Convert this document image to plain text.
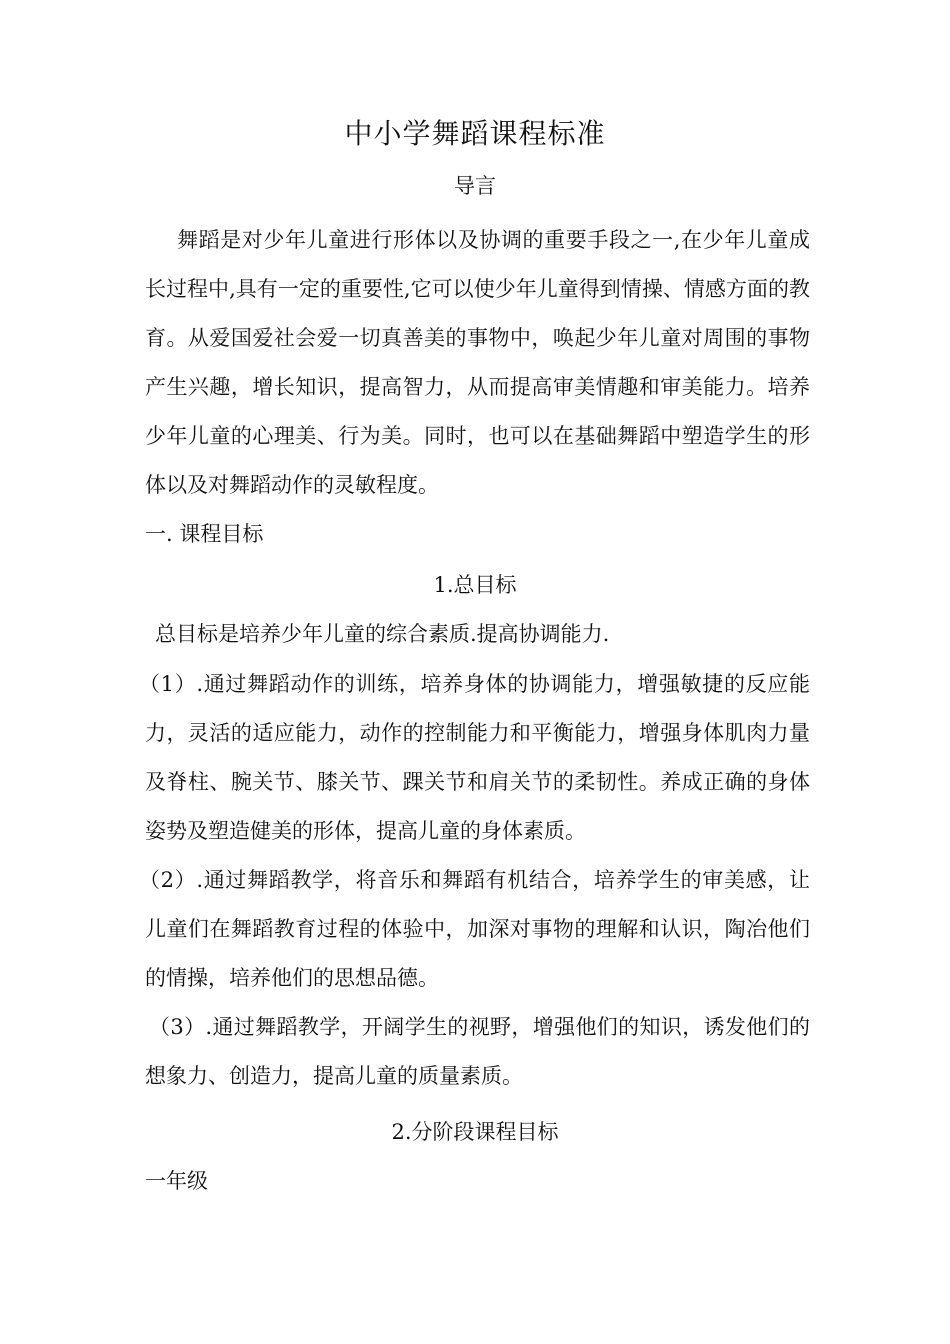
中小学舞蹈课程标准
导言

舞蹈是对少年儿童进行形体以及协调的重要手段之一,在少年儿童成长过程中,具有一定的重要性,它可以使少年儿童得到情操、情感方面的教育。从爱国爱社会爱一切真善美的事物中，唤起少年儿童对周围的事物产生兴趣，增长知识，提高智力，从而提高审美情趣和审美能力。培养少年儿童的心理美、行为美。同时，也可以在基础舞蹈中塑造学生的形体以及对舞蹈动作的灵敏程度。

一. 课程目标
1.总目标
总目标是培养少年儿童的综合素质.提高协调能力.

（1）.通过舞蹈动作的训练，培养身体的协调能力，增强敏捷的反应能力，灵活的适应能力，动作的控制能力和平衡能力，增强身体肌肉力量及脊柱、腕关节、膝关节、踝关节和肩关节的柔韧性。养成正确的身体姿势及塑造健美的形体，提高儿童的身体素质。

（2）.通过舞蹈教学，将音乐和舞蹈有机结合，培养学生的审美感，让儿童们在舞蹈教育过程的体验中，加深对事物的理解和认识，陶冶他们的情操，培养他们的思想品德。

（3）.通过舞蹈教学，开阔学生的视野，增强他们的知识，诱发他们的想象力、创造力，提高儿童的质量素质。

2.分阶段课程目标
一年级
